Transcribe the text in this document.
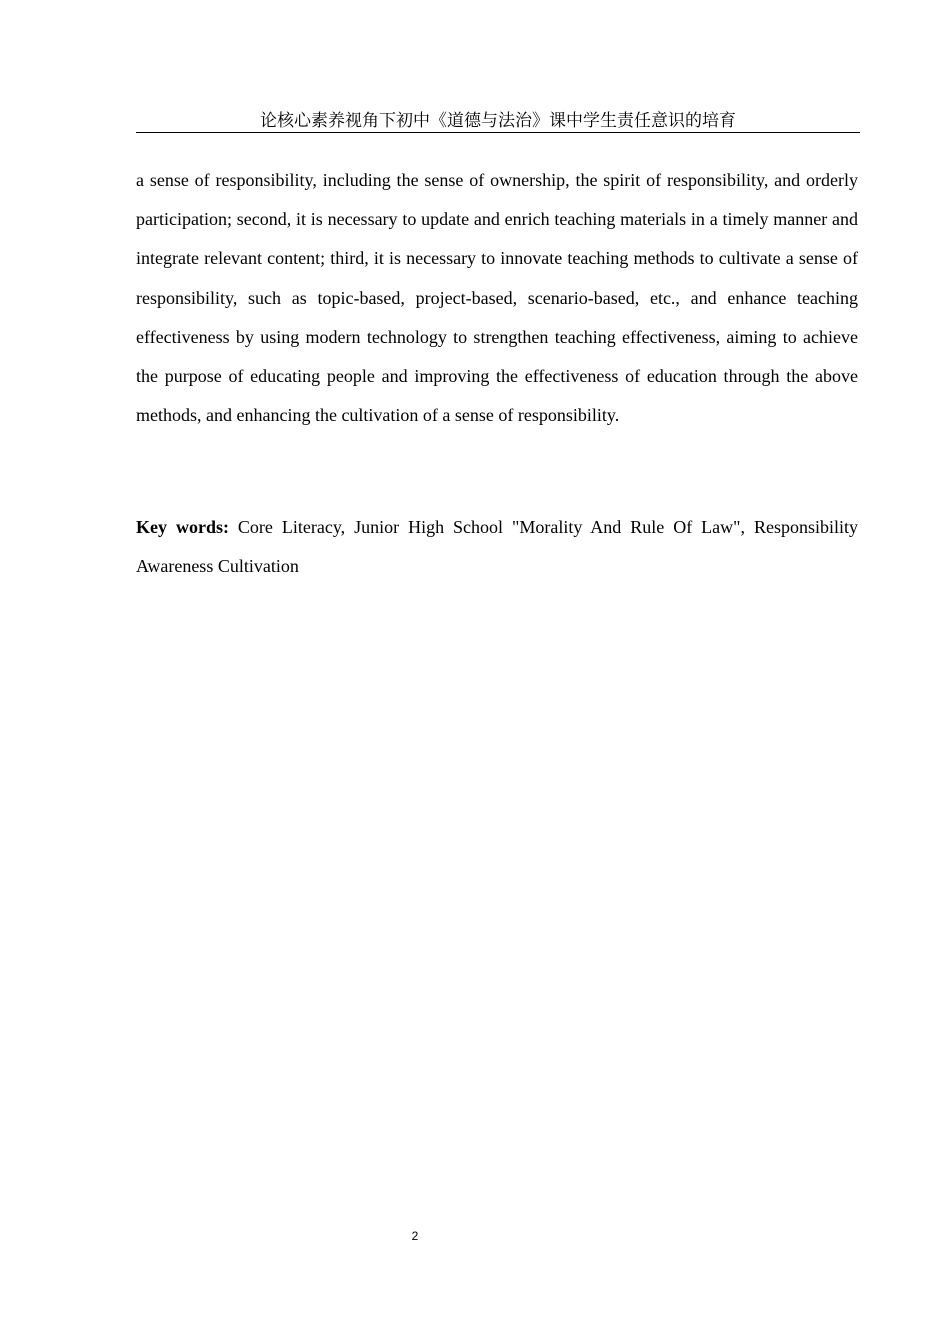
论核心素养视角下初中《道德与法治》课中学生责任意识的培育

a sense of responsibility, including the sense of ownership, the spirit of responsibility, and orderly participation; second, it is necessary to update and enrich teaching materials in a timely manner and integrate relevant content; third, it is necessary to innovate teaching methods to cultivate a sense of responsibility, such as topic-based, project-based, scenario-based, etc., and enhance teaching effectiveness by using modern technology to strengthen teaching effectiveness, aiming to achieve the purpose of educating people and improving the effectiveness of education through the above methods, and enhancing the cultivation of a sense of responsibility.

Key words: Core Literacy, Junior High School "Morality And Rule Of Law", Responsibility Awareness Cultivation

2
